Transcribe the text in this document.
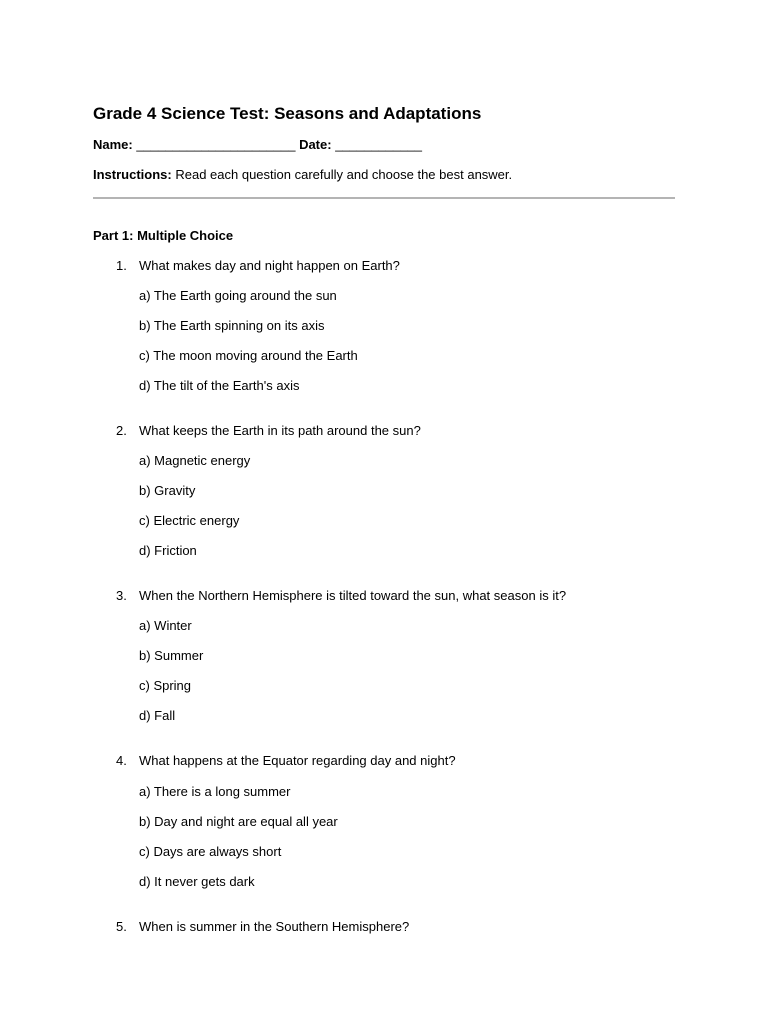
Grade 4 Science Test: Seasons and Adaptations
Name: ______________________ Date: ____________
Instructions: Read each question carefully and choose the best answer.
Part 1: Multiple Choice
1. What makes day and night happen on Earth?
a) The Earth going around the sun
b) The Earth spinning on its axis
c) The moon moving around the Earth
d) The tilt of the Earth's axis
2. What keeps the Earth in its path around the sun?
a) Magnetic energy
b) Gravity
c) Electric energy
d) Friction
3. When the Northern Hemisphere is tilted toward the sun, what season is it?
a) Winter
b) Summer
c) Spring
d) Fall
4. What happens at the Equator regarding day and night?
a) There is a long summer
b) Day and night are equal all year
c) Days are always short
d) It never gets dark
5. When is summer in the Southern Hemisphere?
